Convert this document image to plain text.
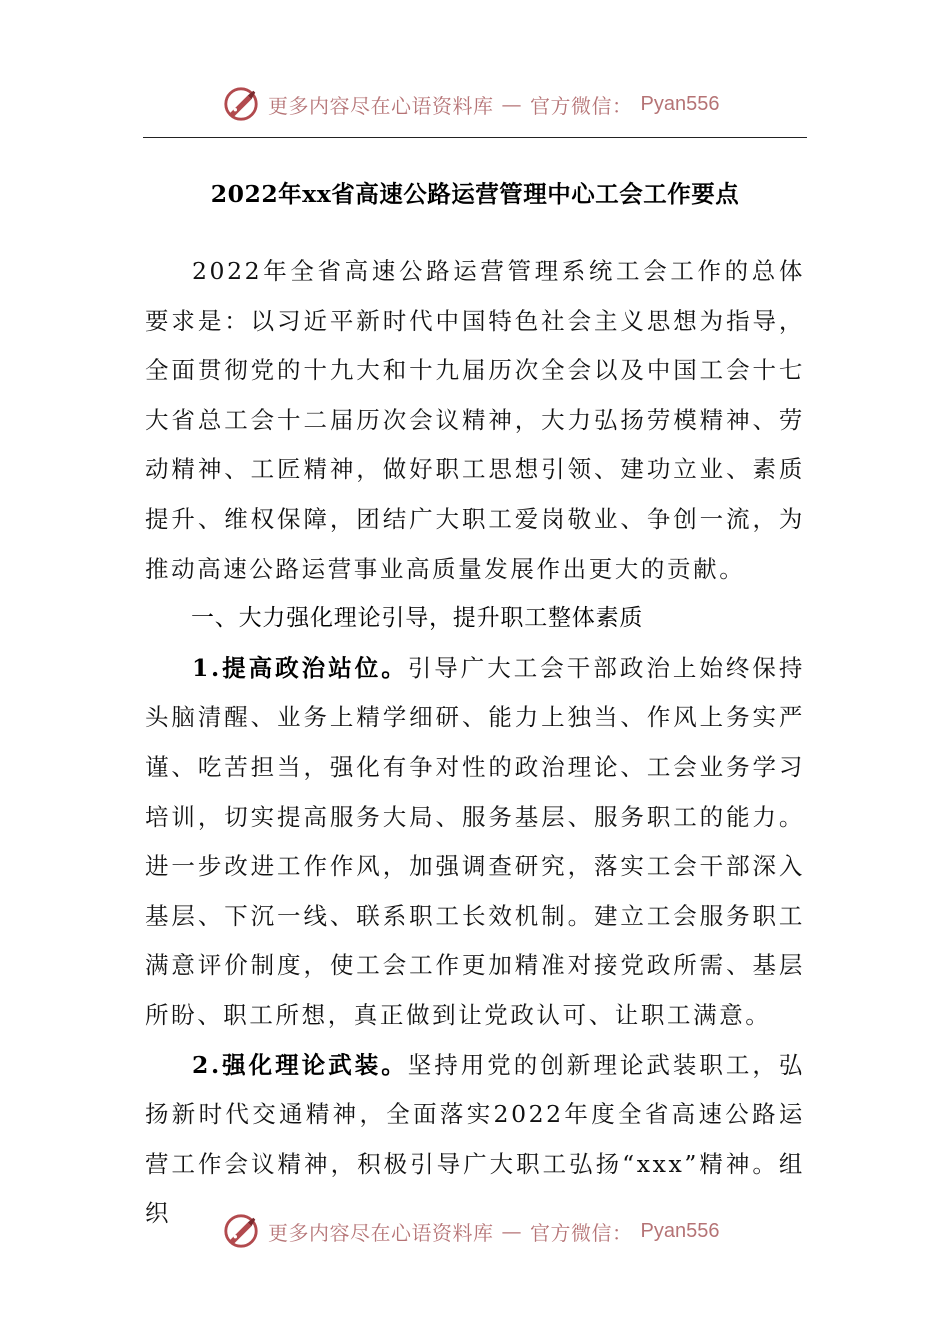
更多内容尽在心语资料库 — 官方微信： Pyan556
2022年xx省高速公路运营管理中心工会工作要点

2022年全省高速公路运营管理系统工会工作的总体要求是：以习近平新时代中国特色社会主义思想为指导，全面贯彻党的十九大和十九届历次全会以及中国工会十七大省总工会十二届历次会议精神，大力弘扬劳模精神、劳动精神、工匠精神，做好职工思想引领、建功立业、素质提升、维权保障，团结广大职工爱岗敬业、争创一流，为推动高速公路运营事业高质量发展作出更大的贡献。

一、大力强化理论引导，提升职工整体素质

1.提高政治站位。引导广大工会干部政治上始终保持头脑清醒、业务上精学细研、能力上独当、作风上务实严谨、吃苦担当，强化有争对性的政治理论、工会业务学习培训，切实提高服务大局、服务基层、服务职工的能力。进一步改进工作作风，加强调查研究，落实工会干部深入基层、下沉一线、联系职工长效机制。建立工会服务职工满意评价制度，使工会工作更加精准对接党政所需、基层所盼、职工所想，真正做到让党政认可、让职工满意。

2.强化理论武装。坚持用党的创新理论武装职工，弘扬新时代交通精神，全面落实2022年度全省高速公路运营工作会议精神，积极引导广大职工弘扬“xxx”精神。组织

更多内容尽在心语资料库 — 官方微信： Pyan556
